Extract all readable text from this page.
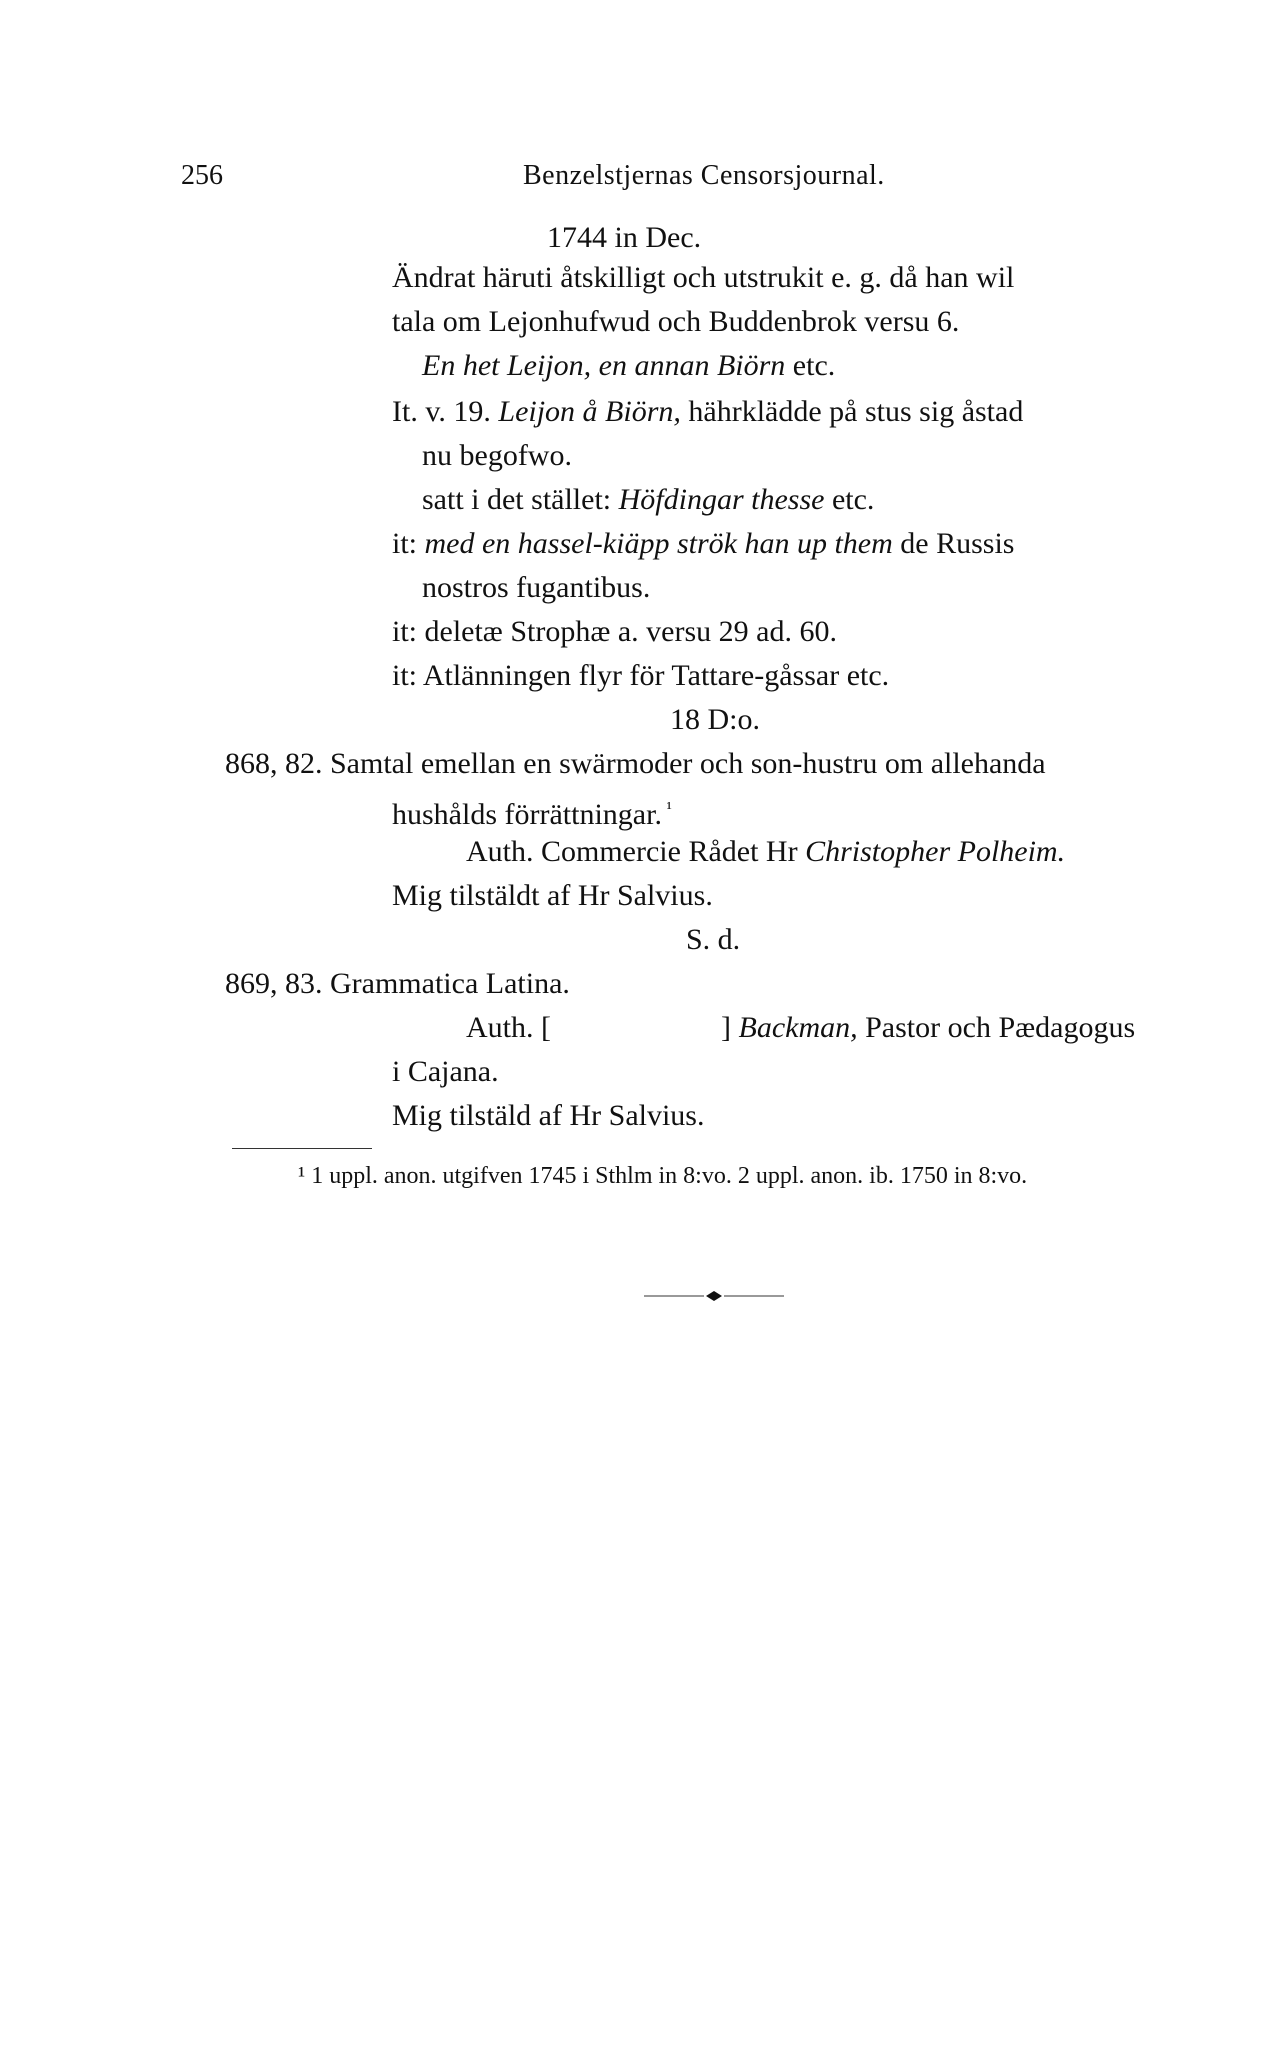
256	Benzelstjernas Censorsjournal.
1744 in Dec.
Ändrat häruti åtskilligt och utstrukit e. g. då han wil
tala om Lejonhufwud och Buddenbrok versu 6.
En het Leijon, en annan Biörn etc.
It. v. 19. Leijon å Biörn, hährklädde på stus sig åstad
nu begofwo.
satt i det stället: Höfdingar thesse etc.
it: med en hassel-kiäpp strök han up them de Russis
nostros fugantibus.
it: deletæ Strophæ a. versu 29 ad. 60.
it: Atlänningen flyr för Tattare-gåssar etc.
18 D:o.
868, 82. Samtal emellan en swärmoder och son-hustru om allehanda
hushålds förrättningar. $^{^1}$
Auth. Commercie Rådet Hr Christopher Polheim.
Mig tilstäldt af Hr Salvius.
S. d.
869, 83. Grammatica Latina.
Auth. [	] Backman, Pastor och Pædagogus
i Cajana.
Mig tilstäld af Hr Salvius.
¹ 1 uppl. anon. utgifven 1745 i Sthlm in 8:vo. 2 uppl. anon. ib. 1750 in 8:vo.
